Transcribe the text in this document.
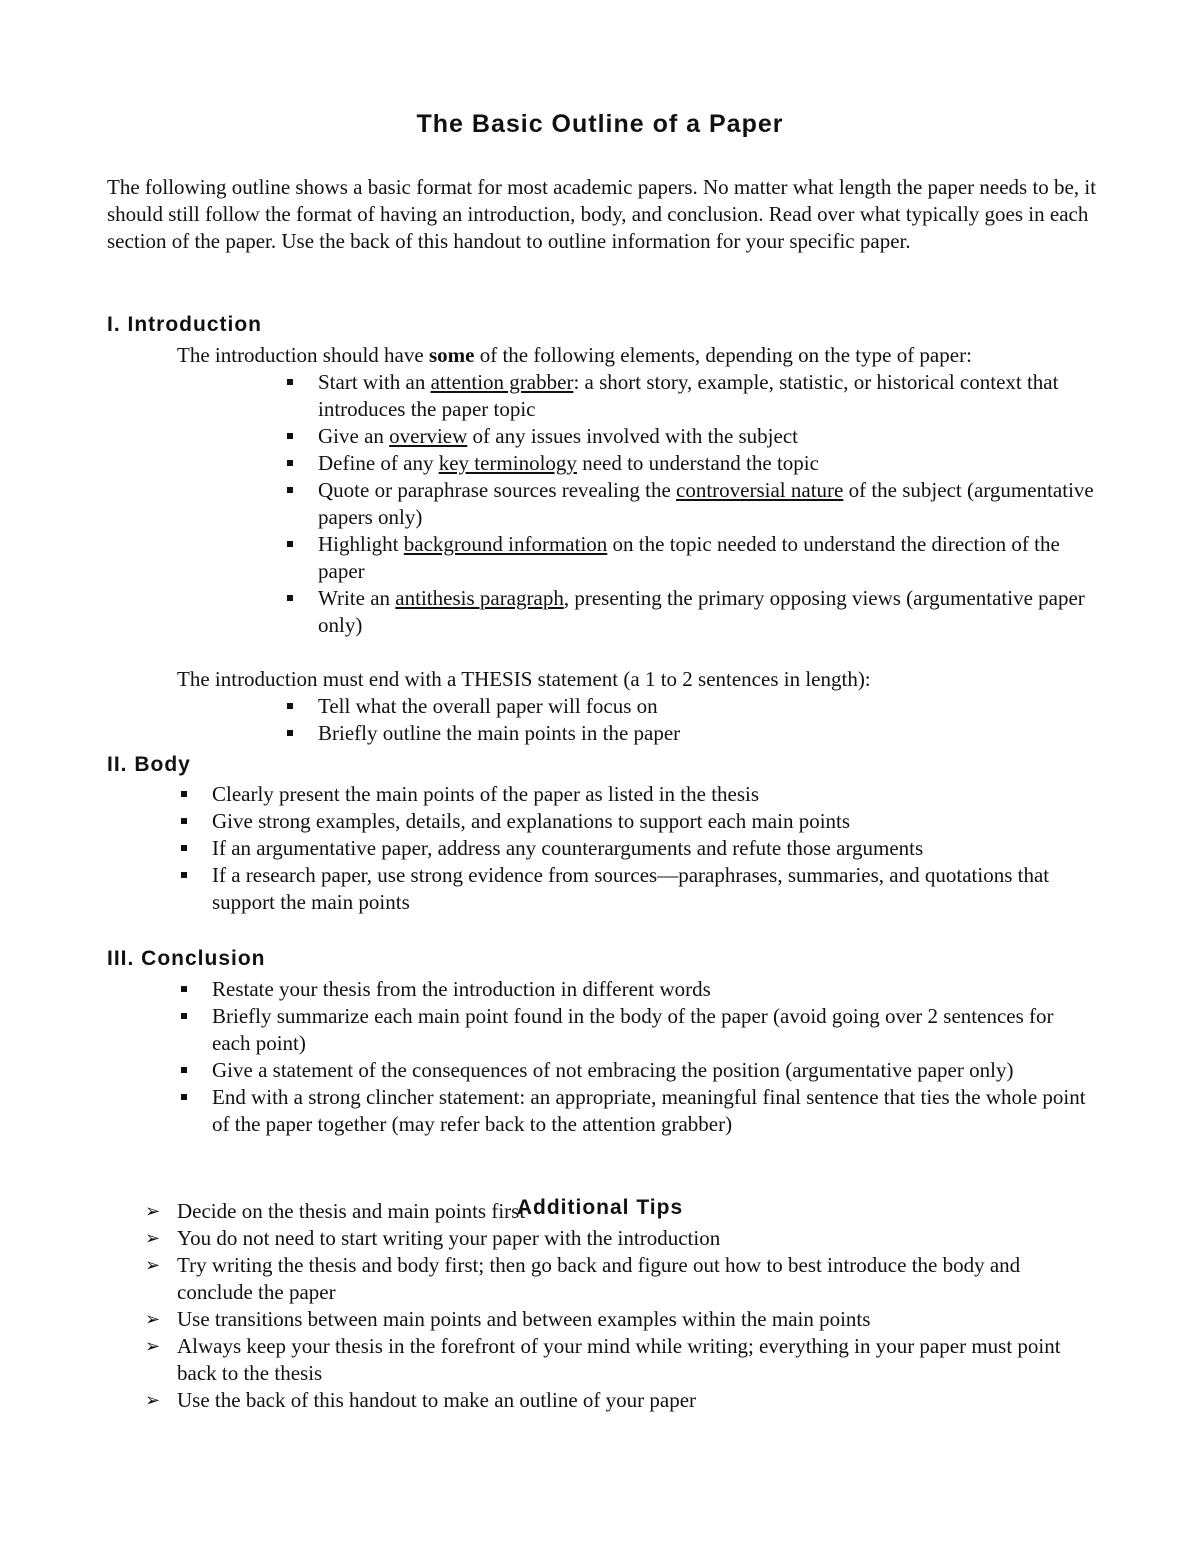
The Basic Outline of a Paper
The following outline shows a basic format for most academic papers. No matter what length the paper needs to be, it should still follow the format of having an introduction, body, and conclusion. Read over what typically goes in each section of the paper. Use the back of this handout to outline information for your specific paper.
I. Introduction
The introduction should have some of the following elements, depending on the type of paper:
Start with an attention grabber: a short story, example, statistic, or historical context that introduces the paper topic
Give an overview of any issues involved with the subject
Define of any key terminology need to understand the topic
Quote or paraphrase sources revealing the controversial nature of the subject (argumentative papers only)
Highlight background information on the topic needed to understand the direction of the paper
Write an antithesis paragraph, presenting the primary opposing views (argumentative paper only)
The introduction must end with a THESIS statement (a 1 to 2 sentences in length):
Tell what the overall paper will focus on
Briefly outline the main points in the paper
II. Body
Clearly present the main points of the paper as listed in the thesis
Give strong examples, details, and explanations to support each main points
If an argumentative paper, address any counterarguments and refute those arguments
If a research paper, use strong evidence from sources—paraphrases, summaries, and quotations that support the main points
III. Conclusion
Restate your thesis from the introduction in different words
Briefly summarize each main point found in the body of the paper (avoid going over 2 sentences for each point)
Give a statement of the consequences of not embracing the position (argumentative paper only)
End with a strong clincher statement: an appropriate, meaningful final sentence that ties the whole point of the paper together (may refer back to the attention grabber)
Additional Tips
➢ Decide on the thesis and main points first
➢ You do not need to start writing your paper with the introduction
➢ Try writing the thesis and body first; then go back and figure out how to best introduce the body and conclude the paper
➢ Use transitions between main points and between examples within the main points
➢ Always keep your thesis in the forefront of your mind while writing; everything in your paper must point back to the thesis
➢ Use the back of this handout to make an outline of your paper
